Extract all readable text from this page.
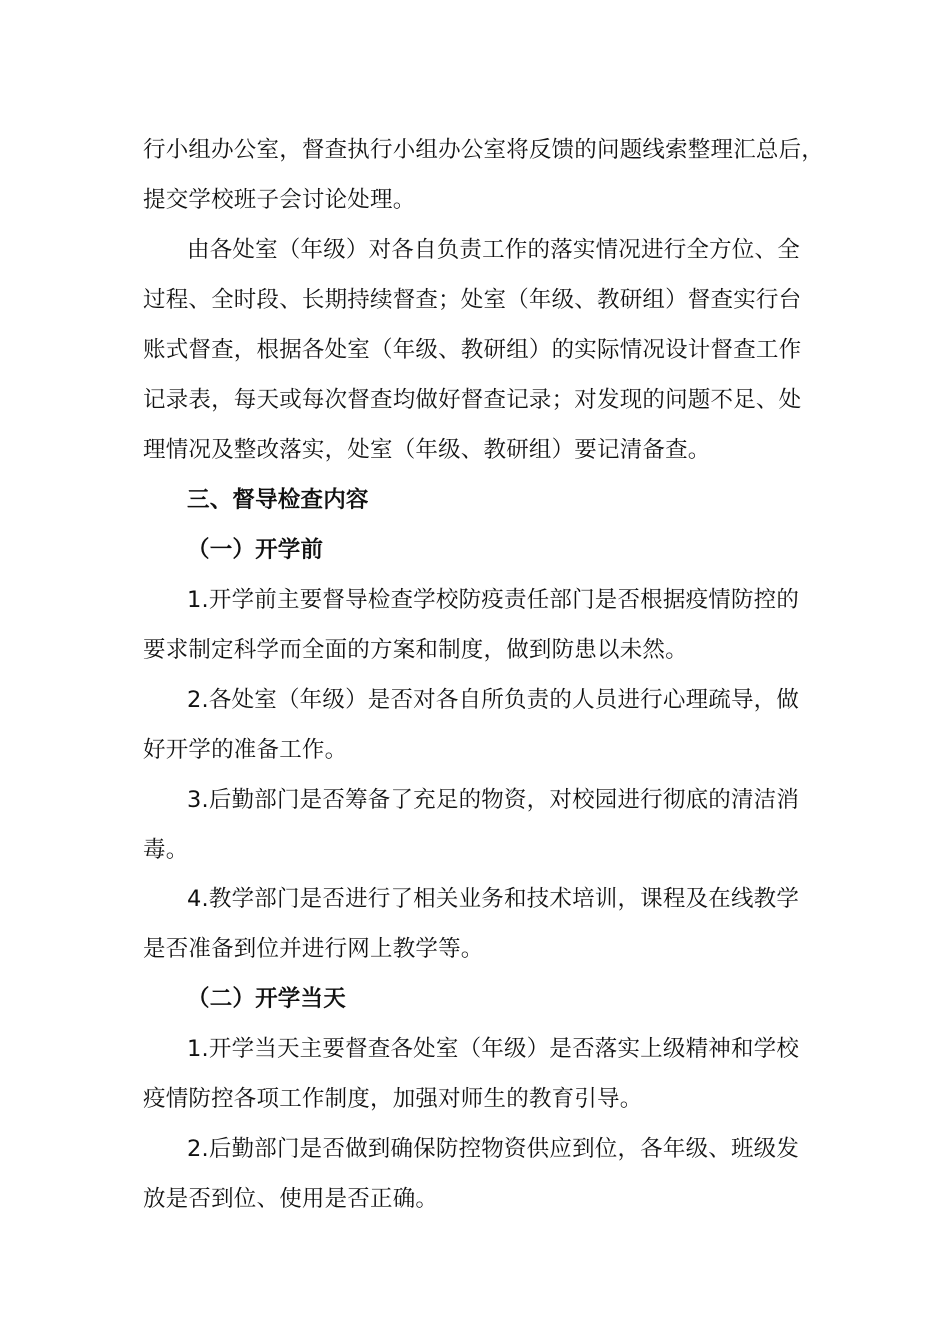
行小组办公室，督查执行小组办公室将反馈的问题线索整理汇总后，
提交学校班子会讨论处理。
由各处室（年级）对各自负责工作的落实情况进行全方位、全
过程、全时段、长期持续督查；处室（年级、教研组）督查实行台
账式督查，根据各处室（年级、教研组）的实际情况设计督查工作
记录表，每天或每次督查均做好督查记录；对发现的问题不足、处
理情况及整改落实，处室（年级、教研组）要记清备查。
三、督导检查内容
（一）开学前
1.开学前主要督导检查学校防疫责任部门是否根据疫情防控的
要求制定科学而全面的方案和制度，做到防患以未然。
2.各处室（年级）是否对各自所负责的人员进行心理疏导，做
好开学的准备工作。
3.后勤部门是否筹备了充足的物资，对校园进行彻底的清洁消
毒。
4.教学部门是否进行了相关业务和技术培训，课程及在线教学
是否准备到位并进行网上教学等。
（二）开学当天
1.开学当天主要督查各处室（年级）是否落实上级精神和学校
疫情防控各项工作制度，加强对师生的教育引导。
2.后勤部门是否做到确保防控物资供应到位，各年级、班级发
放是否到位、使用是否正确。
